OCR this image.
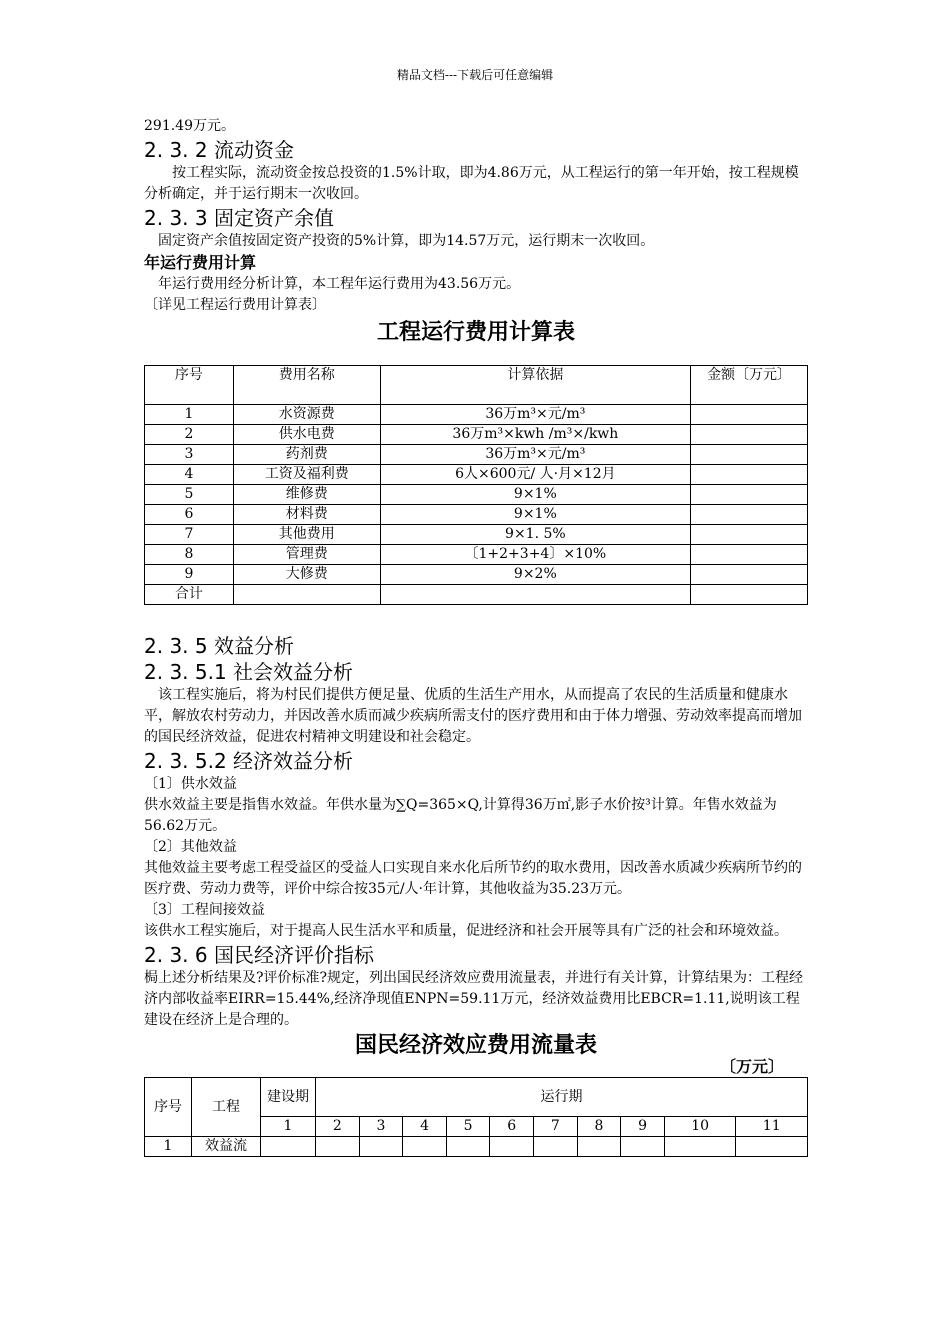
精品文档---下载后可任意编辑

291.49万元。

2. 3. 2 流动资金

按工程实际，流动资金按总投资的1.5%计取，即为4.86万元，从工程运行的第一年开始，按工程规模分析确定，并于运行期末一次收回。

2. 3. 3 固定资产余值

固定资产余值按固定资产投资的5%计算，即为14.57万元，运行期末一次收回。

年运行费用计算

年运行费用经分析计算，本工程年运行费用为43.56万元。

〔详见工程运行费用计算表〕

工程运行费用计算表
序号	费用名称	计算依据	金额〔万元〕
1	水资源费	36万m³×元/m³	
2	供水电费	36万m³×kwh /m³×/kwh	
3	药剂费	36万m³×元/m³	
4	工资及福利费	6人×600元/ 人·月×12月	
5	维修费	9×1%	
6	材料费	9×1%	
7	其他费用	9×1. 5%	
8	管理费	〔1+2+3+4〕×10%	
9	大修费	9×2%	
合计			
2. 3. 5 效益分析
2. 3. 5.1 社会效益分析

该工程实施后，将为村民们提供方便足量、优质的生活生产用水，从而提高了农民的生活质量和健康水平，解放农村劳动力，并因改善水质而减少疾病所需支付的医疗费用和由于体力增强、劳动效率提高而增加的国民经济效益，促进农村精神文明建设和社会稳定。

2. 3. 5.2 经济效益分析

〔1〕供水效益

供水效益主要是指售水效益。年供水量为∑Q=365×Q,计算得36万㎡,影子水价按³计算。年售水效益为56.62万元。

〔2〕其他效益

其他效益主要考虑工程受益区的受益人口实现自来水化后所节约的取水费用，因改善水质减少疾病所节约的医疗费、劳动力费等，评价中综合按35元/人·年计算，其他收益为35.23万元。

〔3〕工程间接效益

该供水工程实施后，对于提高人民生活水平和质量，促进经济和社会开展等具有广泛的社会和环境效益。

2. 3. 6 国民经济评价指标

梮上述分析结果及?评价标准?规定，列出国民经济效应费用流量表，并进行有关计算，计算结果为：工程经济内部收益率EIRR=15.44%,经济净现值ENPN=59.11万元，经济效益费用比EBCR=1.11,说明该工程建设在经济上是合理的。

国民经济效应费用流量表
〔万元〕
序号	工程	建设期	运行期									
		1	2	3	4	5	6	7	8	9	10	11
1	效益流											
